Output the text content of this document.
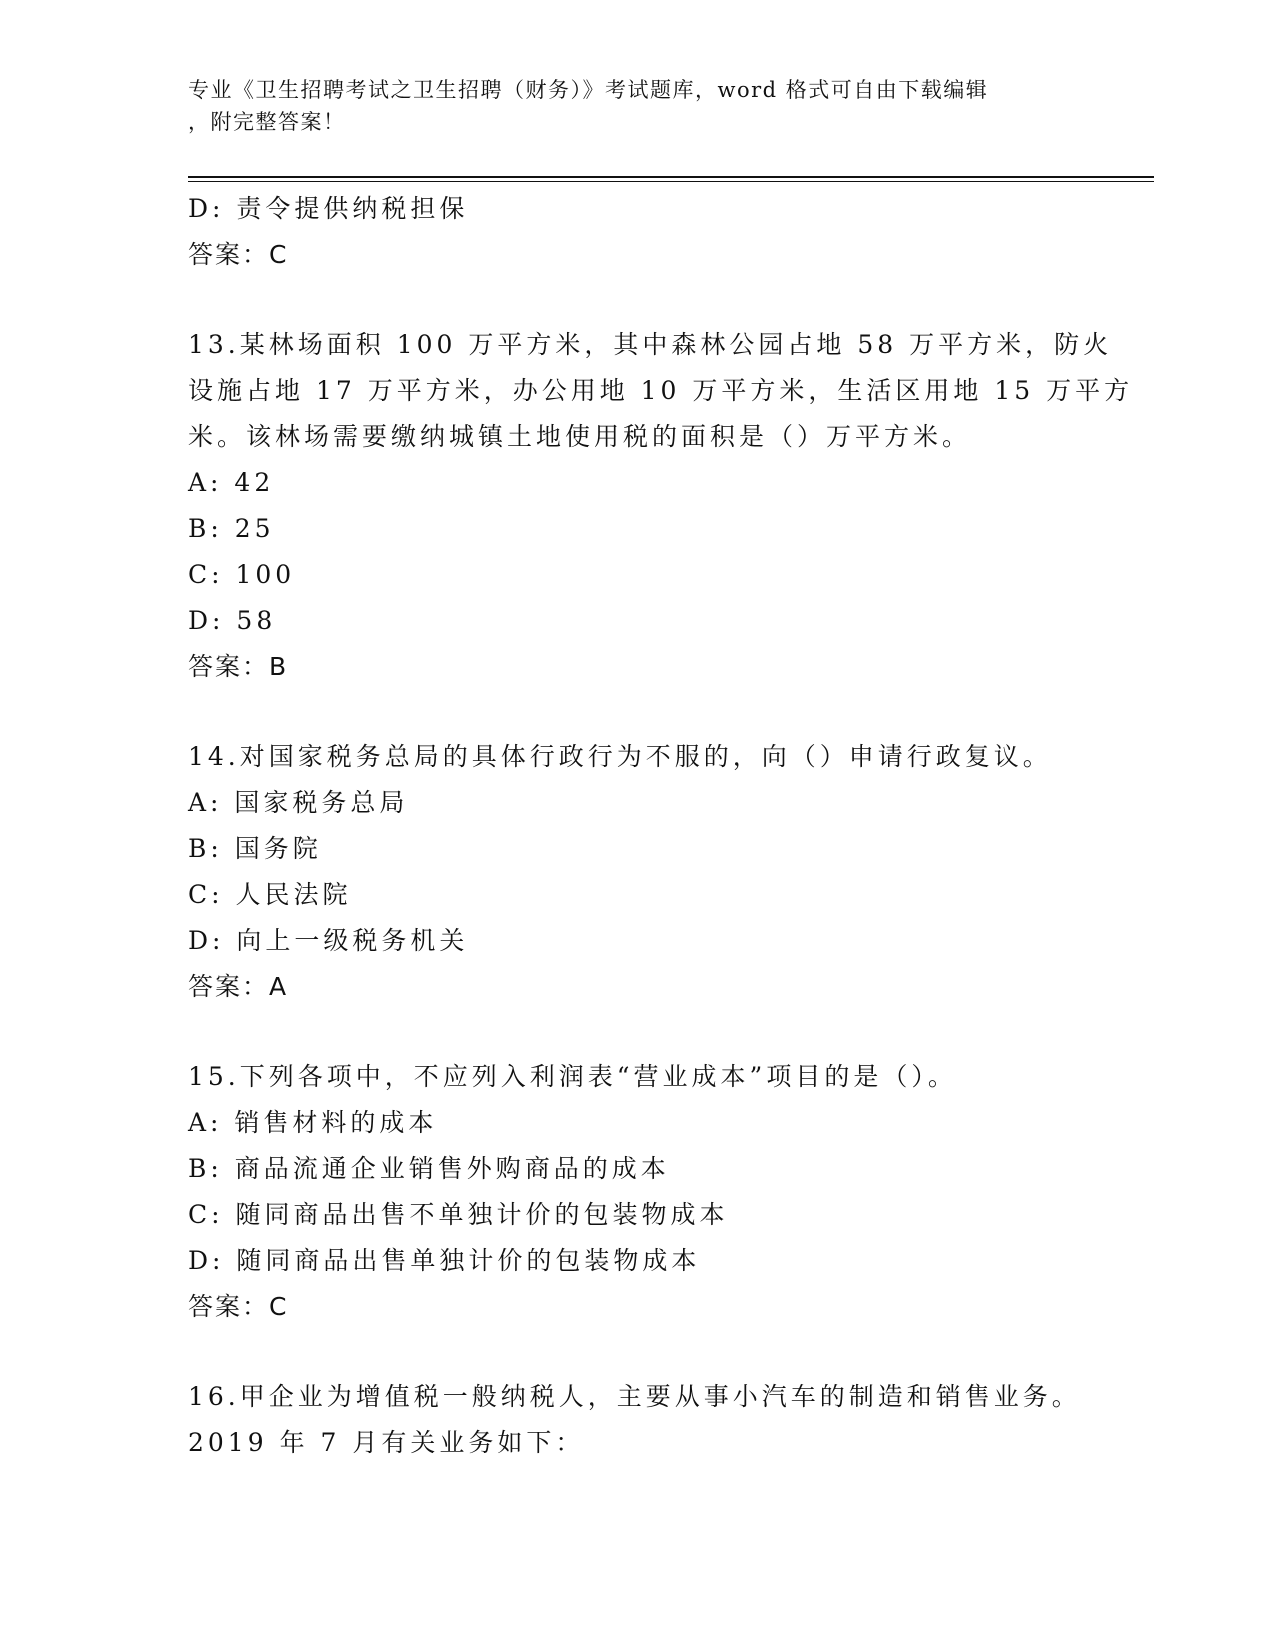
专业《卫生招聘考试之卫生招聘（财务）》考试题库，word 格式可自由下载编辑
，附完整答案！
D: 责令提供纳税担保
答案：C
13.某林场面积 100 万平方米，其中森林公园占地 58 万平方米，防火
设施占地 17 万平方米，办公用地 10 万平方米，生活区用地 15 万平方
米。该林场需要缴纳城镇土地使用税的面积是（）万平方米。
A: 42
B: 25
C: 100
D: 58
答案：B
14.对国家税务总局的具体行政行为不服的，向（）申请行政复议。
A: 国家税务总局
B: 国务院
C: 人民法院
D: 向上一级税务机关
答案：A
15.下列各项中，不应列入利润表“营业成本”项目的是（）。
A: 销售材料的成本
B: 商品流通企业销售外购商品的成本
C: 随同商品出售不单独计价的包装物成本
D: 随同商品出售单独计价的包装物成本
答案：C
16.甲企业为增值税一般纳税人，主要从事小汽车的制造和销售业务。
2019 年 7 月有关业务如下：
